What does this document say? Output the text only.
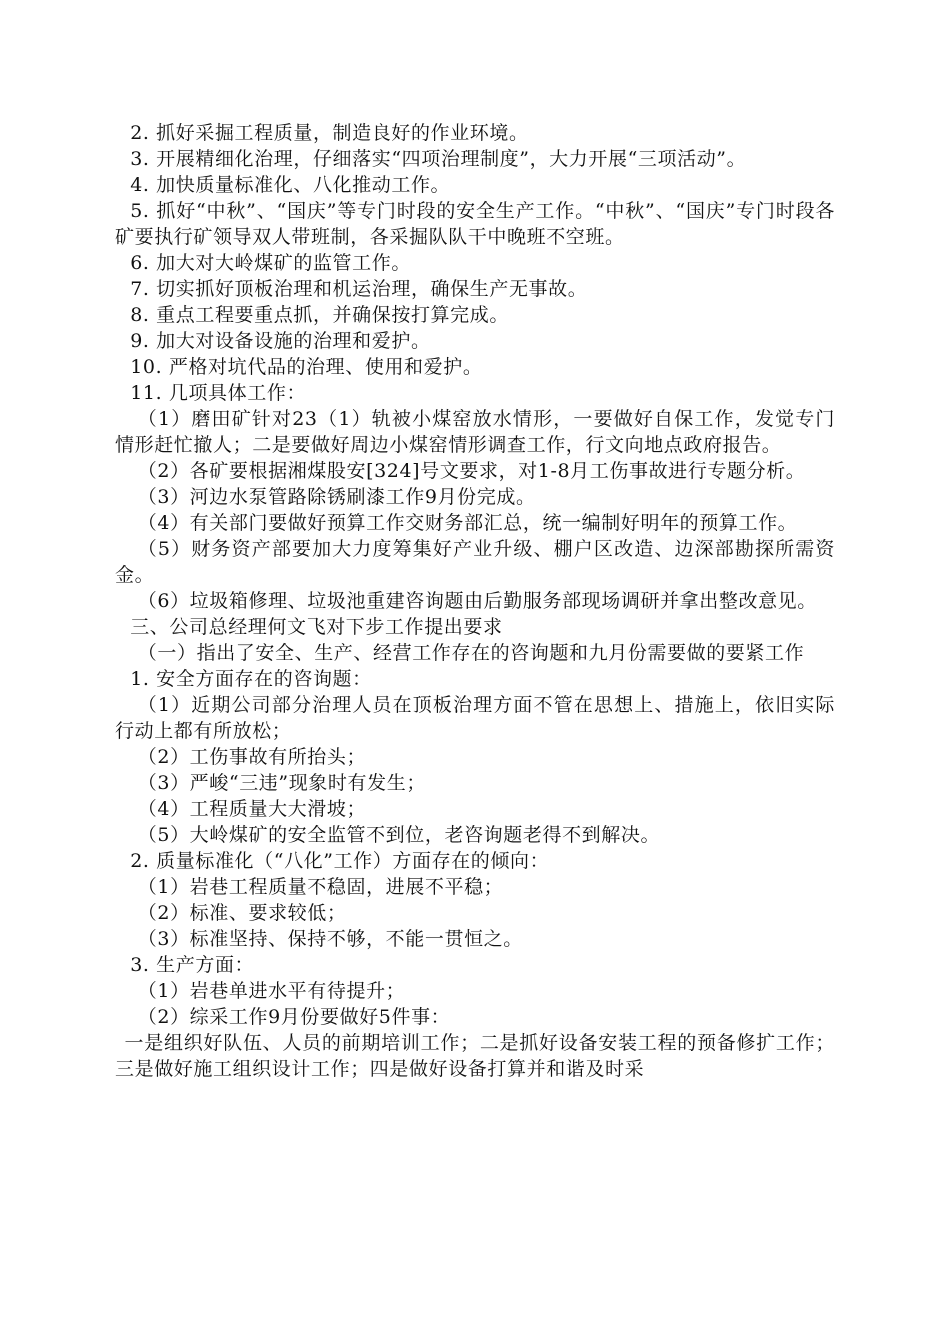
2. 抓好采掘工程质量，制造良好的作业环境。

3. 开展精细化治理，仔细落实“四项治理制度”，大力开展“三项活动”。

4. 加快质量标准化、八化推动工作。

5. 抓好“中秋”、“国庆”等专门时段的安全生产工作。“中秋”、“国庆”专门时段各矿要执行矿领导双人带班制，各采掘队队干中晚班不空班。

6. 加大对大岭煤矿的监管工作。

7. 切实抓好顶板治理和机运治理，确保生产无事故。

8. 重点工程要重点抓，并确保按打算完成。

9. 加大对设备设施的治理和爱护。

10. 严格对坑代品的治理、使用和爱护。

11. 几项具体工作：

（1）磨田矿针对23（1）轨被小煤窑放水情形，一要做好自保工作，发觉专门情形赶忙撤人；二是要做好周边小煤窑情形调查工作，行文向地点政府报告。

（2）各矿要根据湘煤股安[324]号文要求，对1-8月工伤事故进行专题分析。

（3）河边水泵管路除锈刷漆工作9月份完成。

（4）有关部门要做好预算工作交财务部汇总，统一编制好明年的预算工作。

（5）财务资产部要加大力度筹集好产业升级、棚户区改造、边深部勘探所需资金。

（6）垃圾箱修理、垃圾池重建咨询题由后勤服务部现场调研并拿出整改意见。

三、公司总经理何文飞对下步工作提出要求

（一）指出了安全、生产、经营工作存在的咨询题和九月份需要做的要紧工作

1. 安全方面存在的咨询题：

（1）近期公司部分治理人员在顶板治理方面不管在思想上、措施上，依旧实际行动上都有所放松；

（2）工伤事故有所抬头；

（3）严峻“三违”现象时有发生；

（4）工程质量大大滑坡；

（5）大岭煤矿的安全监管不到位，老咨询题老得不到解决。

2. 质量标准化（“八化”工作）方面存在的倾向：

（1）岩巷工程质量不稳固，进展不平稳；

（2）标准、要求较低；

（3）标准坚持、保持不够，不能一贯恒之。

3. 生产方面：

（1）岩巷单进水平有待提升；

（2）综采工作9月份要做好5件事：

一是组织好队伍、人员的前期培训工作；二是抓好设备安装工程的预备修扩工作；三是做好施工组织设计工作；四是做好设备打算并和谐及时采
